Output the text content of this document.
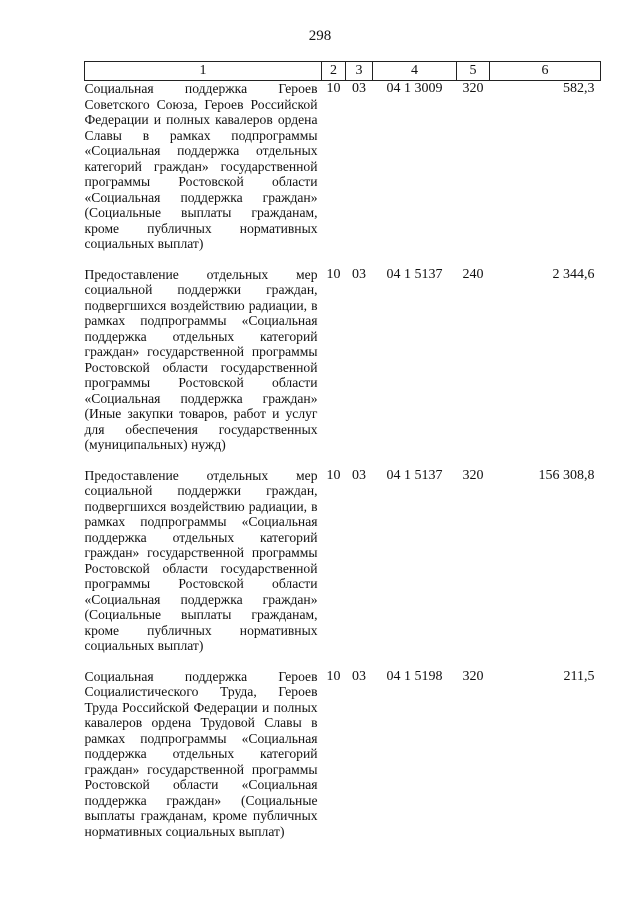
298
1	2	3	4	5	6
Социальная поддержка Героев Советского Союза, Героев Российской Федерации и полных кавалеров ордена Славы в рамках подпрограммы «Социальная поддержка отдельных категорий граждан» государственной программы Ростовской области «Социальная поддержка граждан» (Социальные выплаты гражданам, кроме публичных нормативных социальных выплат)	10	03	04 1 3009	320	582,3
Предоставление отдельных мер социальной поддержки граждан, подвергшихся воздействию радиации, в рамках подпрограммы «Социальная поддержка отдельных категорий граждан» государственной программы Ростовской области государственной программы Ростовской области «Социальная поддержка граждан» (Иные закупки товаров, работ и услуг для обеспечения государственных (муниципальных) нужд)	10	03	04 1 5137	240	2 344,6
Предоставление отдельных мер социальной поддержки граждан, подвергшихся воздействию радиации, в рамках подпрограммы «Социальная поддержка отдельных категорий граждан» государственной программы Ростовской области государственной программы Ростовской области «Социальная поддержка граждан» (Социальные выплаты гражданам, кроме публичных нормативных социальных выплат)	10	03	04 1 5137	320	156 308,8
Социальная поддержка Героев Социалистического Труда, Героев Труда Российской Федерации и полных кавалеров ордена Трудовой Славы в рамках подпрограммы «Социальная поддержка отдельных категорий граждан» государственной программы Ростовской области «Социальная поддержка граждан» (Социальные выплаты гражданам, кроме публичных нормативных социальных выплат)	10	03	04 1 5198	320	211,5
